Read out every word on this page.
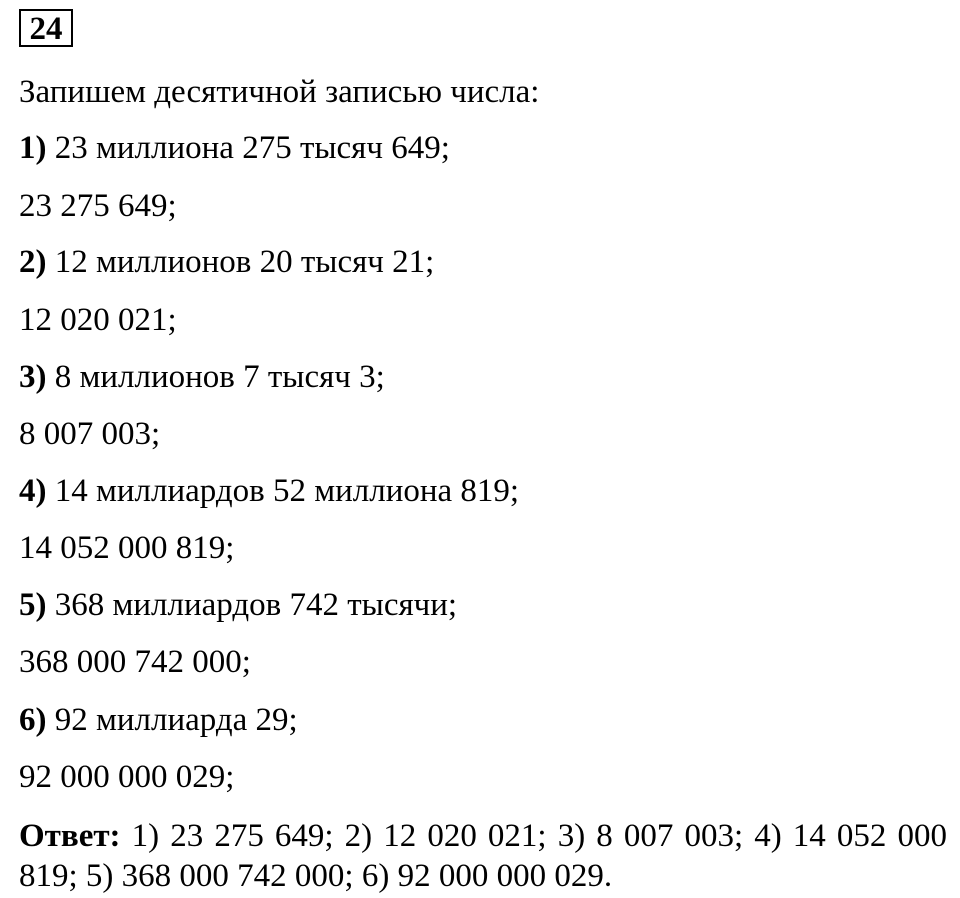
24
Запишем десятичной записью числа:
1) 23 миллиона 275 тысяч 649;
23 275 649;
2) 12 миллионов 20 тысяч 21;
12 020 021;
3) 8 миллионов 7 тысяч 3;
8 007 003;
4) 14 миллиардов 52 миллиона 819;
14 052 000 819;
5) 368 миллиардов 742 тысячи;
368 000 742 000;
6) 92 миллиарда 29;
92 000 000 029;
Ответ: 1) 23 275 649; 2) 12 020 021; 3) 8 007 003; 4) 14 052 000 819; 5) 368 000 742 000; 6) 92 000 000 029.
